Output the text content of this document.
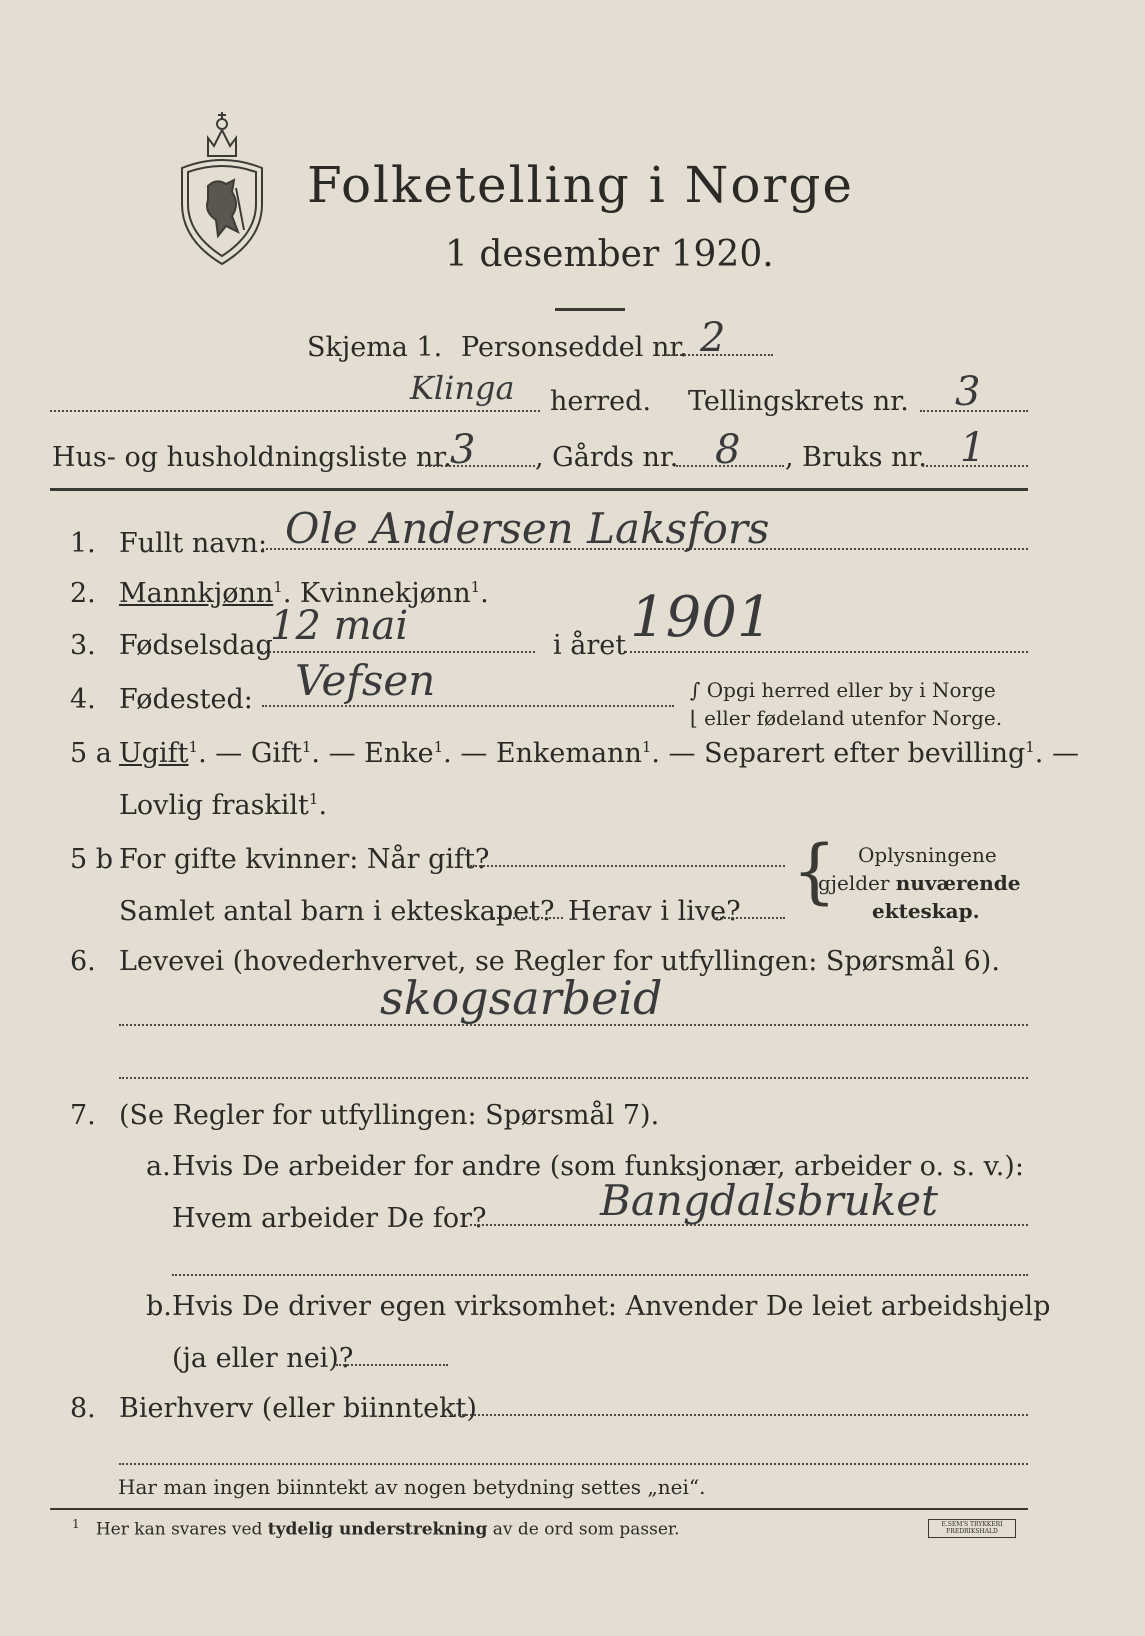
Folketelling i Norge
1 desember 1920.
Skjema 1. Personseddel nr. 2
Klinga herred. Tellingskrets nr. 3
Hus- og husholdningsliste nr.
3 , Gårds nr. 8 , Bruks nr. 1
1. Fullt navn: Ole Andersen Laksfors
2. Mannkjønn$^1$. Kvinnekjønn$^1$.
3. Fødselsdag
12 mai	i året 1901
4. Fødested: Vefsen	∫ Opgi herred eller by i Norge
⌊ eller fødeland utenfor Norge.
5 a Ugift$^1$. — Gift$^1$. — Enke$^1$. — Enkemann$^1$. — Separert efter bevilling$^1$. —
Lovlig fraskilt$^1$.
5 b For gifte kvinner: Når gift?
Samlet antal barn i ekteskapet? Herav i live? { Oplysningene
gjelder nuværende
ekteskap.
6. Levevei (hovederhvervet, se Regler for utfyllingen: Spørsmål 6).
skogsarbeid
7. (Se Regler for utfyllingen: Spørsmål 7).
a. Hvis De arbeider for andre (som funksjonær, arbeider o. s. v.):
Hvem arbeider De for?	Bangdalsbruket
b. Hvis De driver egen virksomhet: Anvender De leiet arbeidshjelp
(ja eller nei)?
8. Bierhverv (eller biinntekt)
Har man ingen biinntekt av nogen betydning settes „nei“.
$^1$ Her kan svares ved tydelig understrekning av de ord som passer.	E.SEM'S TRYKKERI FREDRIKSHALD
